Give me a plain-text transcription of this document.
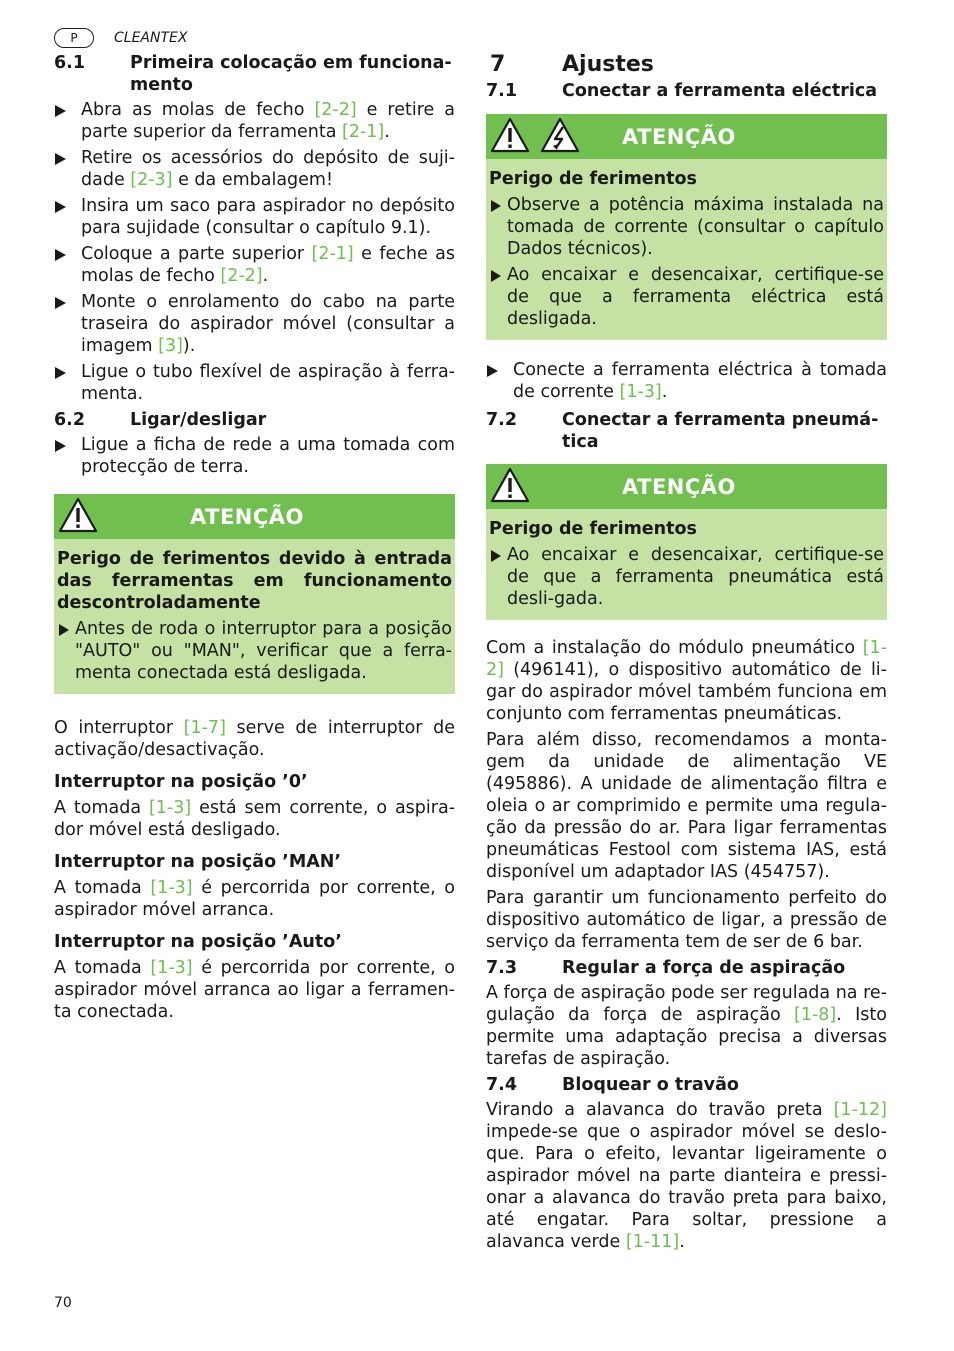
P	CLEANTEX
6.1	Primeira colocação em funciona-mento
Abra as molas de fecho [2-2] e retire a parte superior da ferramenta [2-1].
Retire os acessórios do depósito de suji-dade [2-3] e da embalagem!
Insira um saco para aspirador no depósito para sujidade (consultar o capítulo 9.1).
Coloque a parte superior [2-1] e feche as molas de fecho [2-2].
Monte o enrolamento do cabo na parte traseira do aspirador móvel (consultar a imagem [3]).
Ligue o tubo flexível de aspiração à ferra-menta.
6.2	Ligar/desligar
Ligue a ficha de rede a uma tomada com protecção de terra.
ATENÇÃO
Perigo de ferimentos devido à entrada das ferramentas em funcionamento descontroladamente
Antes de roda o interruptor para a posição "AUTO" ou "MAN", verificar que a ferra-menta conectada está desligada.

O interruptor [1-7] serve de interruptor de activação/desactivação.

Interruptor na posição ’0’

A tomada [1-3] está sem corrente, o aspira-dor móvel está desligado.

Interruptor na posição ’MAN’

A tomada [1-3] é percorrida por corrente, o aspirador móvel arranca.

Interruptor na posição ’Auto’

A tomada [1-3] é percorrida por corrente, o aspirador móvel arranca ao ligar a ferramen-ta conectada.

7	Ajustes
7.1	Conectar a ferramenta eléctrica
ATENÇÃO
Perigo de ferimentos
Observe a potência máxima instalada na tomada de corrente (consultar o capítulo Dados técnicos).
Ao encaixar e desencaixar, certifique-se de que a ferramenta eléctrica está desligada.
Conecte a ferramenta eléctrica à tomada de corrente [1-3].
7.2	Conectar a ferramenta pneumá-tica
ATENÇÃO
Perigo de ferimentos
Ao encaixar e desencaixar, certifique-se de que a ferramenta pneumática está desli-gada.

Com a instalação do módulo pneumático [1-2] (496141), o dispositivo automático de li-gar do aspirador móvel também funciona em conjunto com ferramentas pneumáticas.

Para além disso, recomendamos a monta-gem da unidade de alimentação VE (495886). A unidade de alimentação filtra e oleia o ar comprimido e permite uma regula-ção da pressão do ar. Para ligar ferramentas pneumáticas Festool com sistema IAS, está disponível um adaptador IAS (454757).

Para garantir um funcionamento perfeito do dispositivo automático de ligar, a pressão de serviço da ferramenta tem de ser de 6 bar.

7.3	Regular a força de aspiração

A força de aspiração pode ser regulada na re-gulação da força de aspiração [1-8]. Isto permite uma adaptação precisa a diversas tarefas de aspiração.

7.4	Bloquear o travão

Virando a alavanca do travão preta [1-12] impede-se que o aspirador móvel se deslo-que. Para o efeito, levantar ligeiramente o aspirador móvel na parte dianteira e pressi-onar a alavanca do travão preta para baixo, até engatar. Para soltar, pressione a alavanca verde [1-11].

70
